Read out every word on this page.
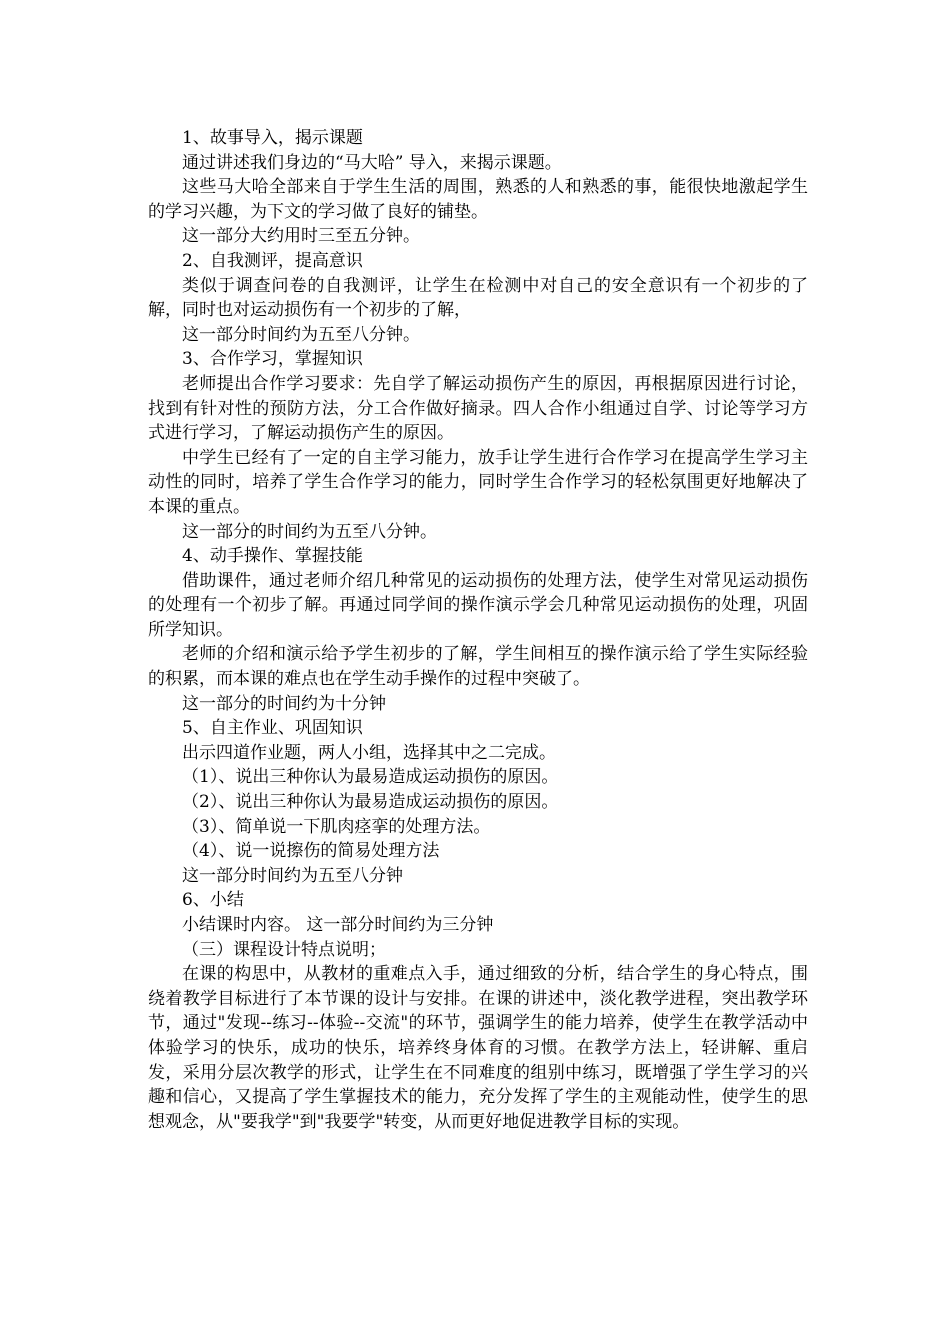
1、故事导入，揭示课题

通过讲述我们身边的“马大哈” 导入，来揭示课题。

这些马大哈全部来自于学生生活的周围，熟悉的人和熟悉的事，能很快地激起学生的学习兴趣，为下文的学习做了良好的铺垫。

这一部分大约用时三至五分钟。

2、自我测评，提高意识

类似于调查问卷的自我测评，让学生在检测中对自己的安全意识有一个初步的了解，同时也对运动损伤有一个初步的了解，

这一部分时间约为五至八分钟。

3、合作学习，掌握知识

老师提出合作学习要求：先自学了解运动损伤产生的原因，再根据原因进行讨论，找到有针对性的预防方法，分工合作做好摘录。四人合作小组通过自学、讨论等学习方式进行学习，了解运动损伤产生的原因。

中学生已经有了一定的自主学习能力，放手让学生进行合作学习在提高学生学习主动性的同时，培养了学生合作学习的能力，同时学生合作学习的轻松氛围更好地解决了本课的重点。

这一部分的时间约为五至八分钟。

4、动手操作、掌握技能

借助课件，通过老师介绍几种常见的运动损伤的处理方法，使学生对常见运动损伤的处理有一个初步了解。再通过同学间的操作演示学会几种常见运动损伤的处理，巩固所学知识。

老师的介绍和演示给予学生初步的了解，学生间相互的操作演示给了学生实际经验的积累，而本课的难点也在学生动手操作的过程中突破了。

这一部分的时间约为十分钟

5、自主作业、巩固知识

出示四道作业题，两人小组，选择其中之二完成。

（1）、说出三种你认为最易造成运动损伤的原因。

（2）、说出三种你认为最易造成运动损伤的原因。

（3）、简单说一下肌肉痉挛的处理方法。

（4）、说一说擦伤的简易处理方法

这一部分时间约为五至八分钟

6、小结

小结课时内容。 这一部分时间约为三分钟

（三）课程设计特点说明；

在课的构思中，从教材的重难点入手，通过细致的分析，结合学生的身心特点，围绕着教学目标进行了本节课的设计与安排。在课的讲述中，淡化教学进程，突出教学环节，通过"发现--练习--体验--交流"的环节，强调学生的能力培养，使学生在教学活动中体验学习的快乐，成功的快乐，培养终身体育的习惯。在教学方法上，轻讲解、重启发，采用分层次教学的形式，让学生在不同难度的组别中练习，既增强了学生学习的兴趣和信心，又提高了学生掌握技术的能力，充分发挥了学生的主观能动性，使学生的思想观念，从"要我学"到"我要学"转变，从而更好地促进教学目标的实现。
